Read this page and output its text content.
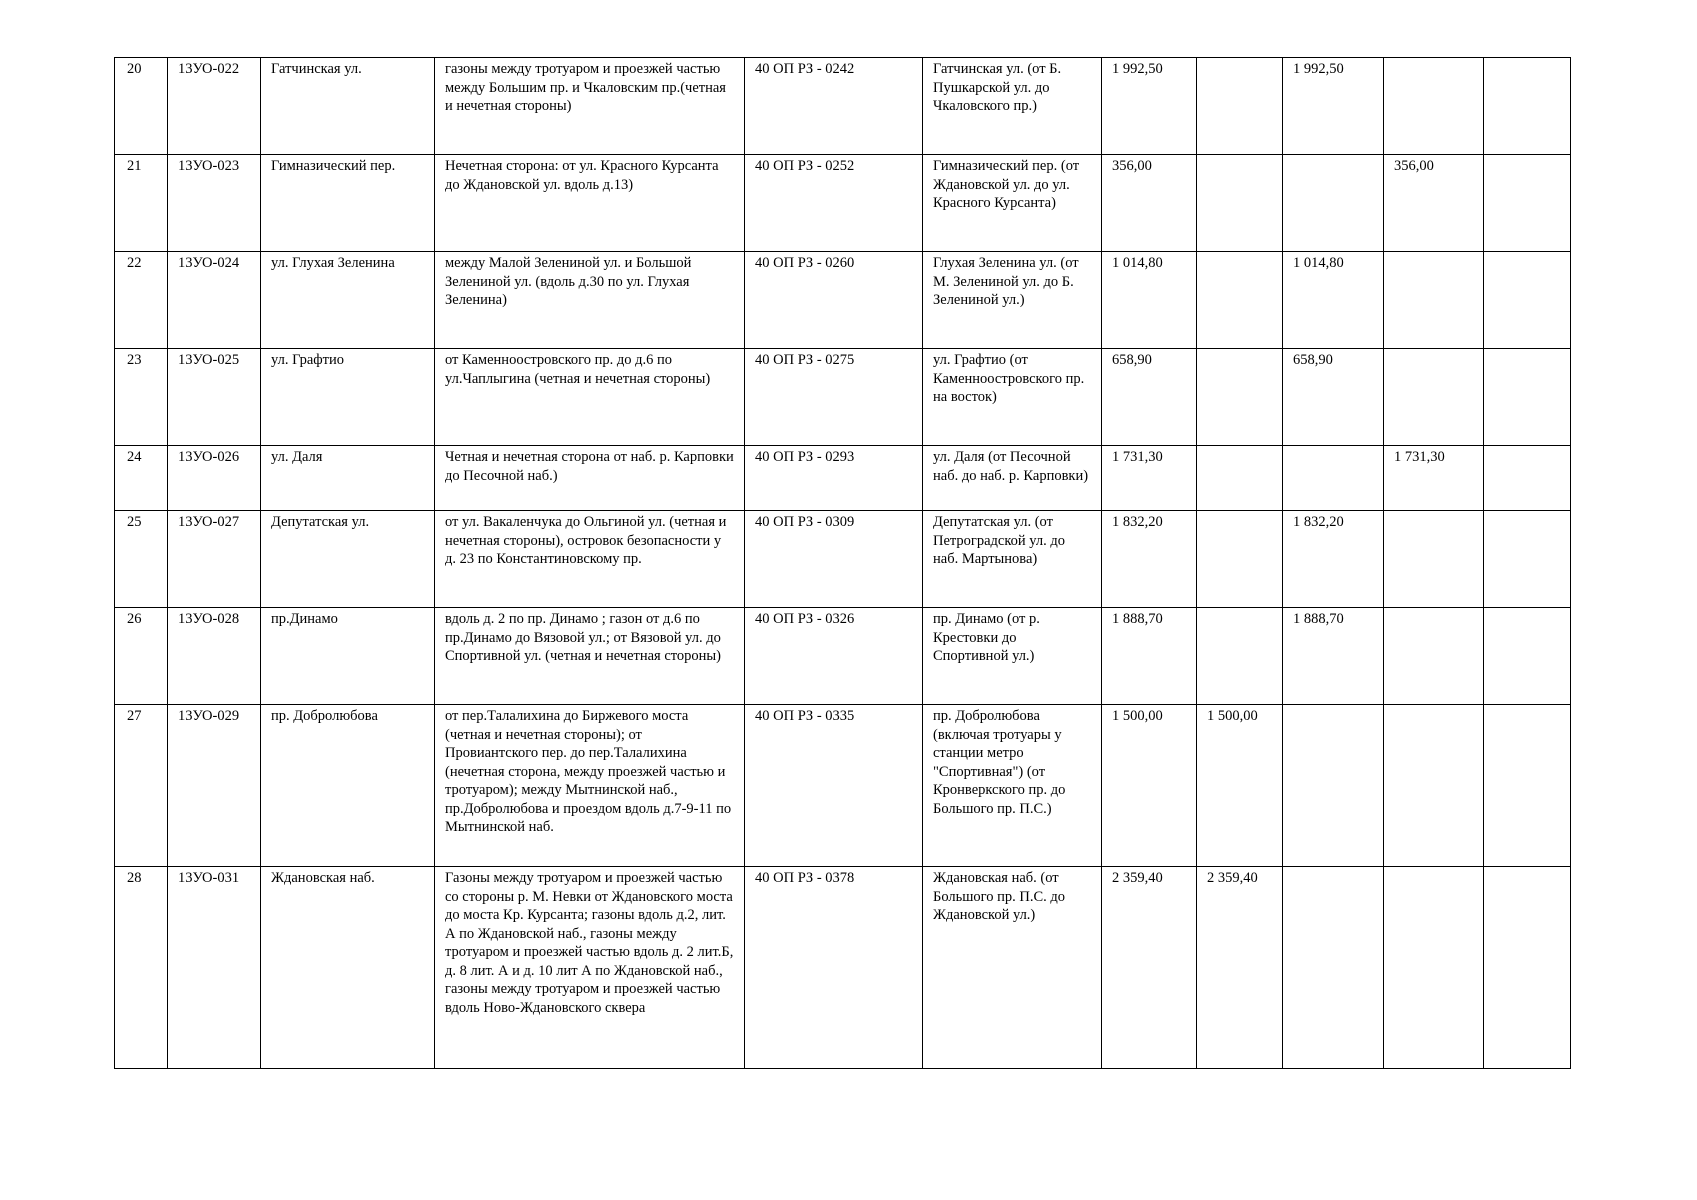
20	13УО-022	Гатчинская ул.	газоны между тротуаром и проезжей частью между Большим пр. и Чкаловским пр.(четная и нечетная стороны)	40 ОП РЗ - 0242	Гатчинская ул. (от Б. Пушкарской ул. до Чкаловского пр.)	1 992,50		1 992,50		
21	13УО-023	Гимназический пер.	Нечетная сторона: от ул. Красного Курсанта до Ждановской ул. вдоль д.13)	40 ОП РЗ - 0252	Гимназический пер. (от Ждановской ул. до ул. Красного Курсанта)	356,00			356,00	
22	13УО-024	ул. Глухая Зеленина	между Малой Зелениной ул. и Большой Зелениной ул. (вдоль д.30 по ул. Глухая Зеленина)	40 ОП РЗ - 0260	Глухая Зеленина ул. (от М. Зелениной ул. до Б. Зелениной ул.)	1 014,80		1 014,80		
23	13УО-025	ул. Графтио	от Каменноостровского пр. до д.6 по ул.Чаплыгина (четная и нечетная стороны)	40 ОП РЗ - 0275	ул. Графтио (от Каменноостровского пр. на восток)	658,90		658,90		
24	13УО-026	ул. Даля	Четная и нечетная сторона от наб. р. Карповки до Песочной наб.)	40 ОП РЗ - 0293	ул. Даля (от Песочной наб. до наб. р. Карповки)	1 731,30			1 731,30	
25	13УО-027	Депутатская ул.	от ул. Вакаленчука до Ольгиной ул. (четная и нечетная стороны), островок безопасности у д. 23 по Константиновскому пр.	40 ОП РЗ - 0309	Депутатская ул. (от Петроградской ул. до наб. Мартынова)	1 832,20		1 832,20		
26	13УО-028	пр.Динамо	вдоль д. 2 по пр. Динамо ; газон от д.6 по пр.Динамо до Вязовой ул.; от Вязовой ул. до Спортивной ул. (четная и нечетная стороны)	40 ОП РЗ - 0326	пр. Динамо (от р. Крестовки до Спортивной ул.)	1 888,70		1 888,70		
27	13УО-029	пр. Добролюбова	от пер.Талалихина до Биржевого моста (четная и нечетная стороны); от Провиантского пер. до пер.Талалихина (нечетная сторона, между проезжей частью и тротуаром); между Мытнинской наб., пр.Добролюбова и проездом вдоль д.7-9-11 по Мытнинской наб.	40 ОП РЗ - 0335	пр. Добролюбова (включая тротуары у станции метро "Спортивная") (от Кронверкского пр. до Большого пр. П.С.)	1 500,00	1 500,00			
28	13УО-031	Ждановская наб.	Газоны между тротуаром и проезжей частью со стороны р. М. Невки от Ждановского моста до моста Кр. Курсанта; газоны вдоль д.2, лит. А по Ждановской наб., газоны между тротуаром и проезжей частью вдоль д. 2 лит.Б, д. 8 лит. А и д. 10 лит А по Ждановской наб., газоны между тротуаром и проезжей частью вдоль Ново-Ждановского сквера	40 ОП РЗ - 0378	Ждановская наб. (от Большого пр. П.С. до Ждановской ул.)	2 359,40	2 359,40			
